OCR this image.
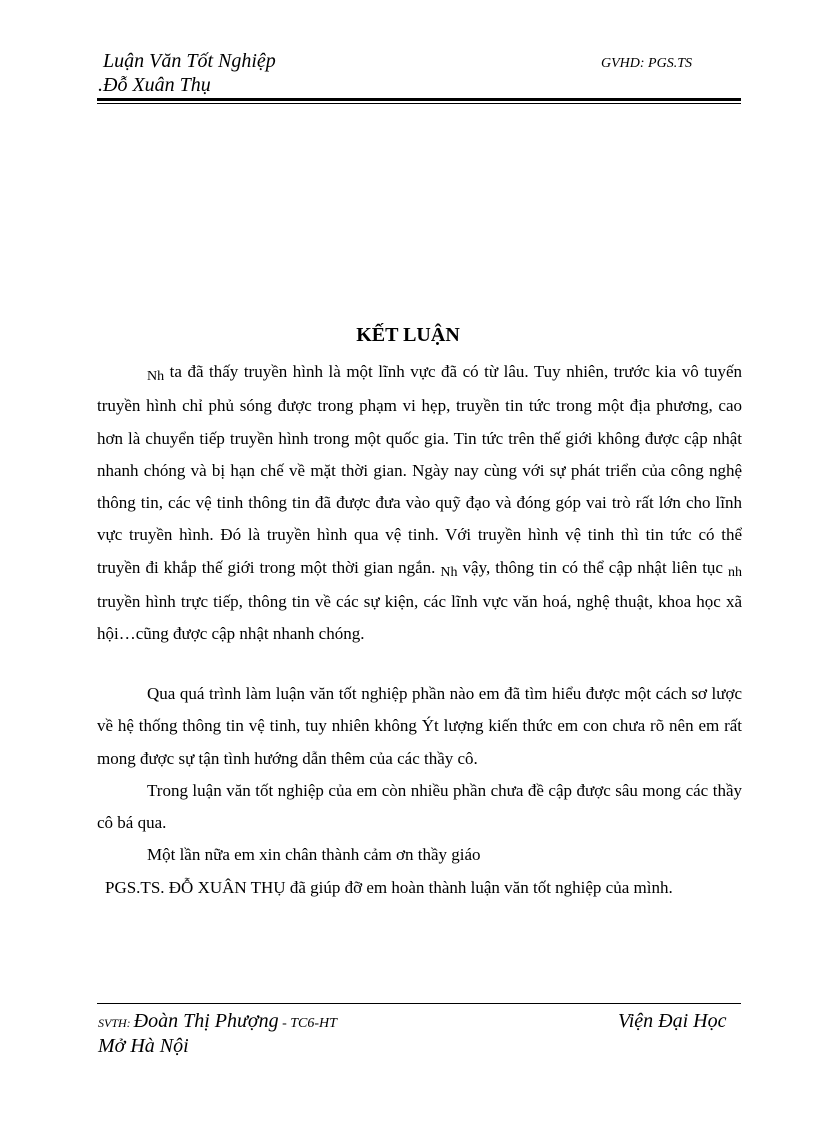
Luận Văn Tốt Nghiệp
.Đỗ Xuân Thụ
GVHD: PGS.TS
KẾT LUẬN

Nh ta đã thấy truyền hình là một lĩnh vực đã có từ lâu. Tuy nhiên, trước kia vô tuyến truyền hình chỉ phủ sóng được trong phạm vi hẹp, truyền tin tức trong một địa phương, cao hơn là chuyển tiếp truyền hình trong một quốc gia. Tin tức trên thế giới không được cập nhật nhanh chóng và bị hạn chế về mặt thời gian. Ngày nay cùng với sự phát triển của công nghệ thông tin, các vệ tinh thông tin đã được đưa vào quỹ đạo và đóng góp vai trò rất lớn cho lĩnh vực truyền hình. Đó là truyền hình qua vệ tinh. Với truyền hình vệ tinh thì tin tức có thể truyền đi khắp thế giới trong một thời gian ngắn. Nh vậy, thông tin có thể cập nhật liên tục nh truyền hình trực tiếp, thông tin về các sự kiện, các lĩnh vực văn hoá, nghệ thuật, khoa học xã hội…cũng được cập nhật nhanh chóng.

Qua quá trình làm luận văn tốt nghiệp phần nào em đã tìm hiểu được một cách sơ lược về hệ thống thông tin vệ tinh, tuy nhiên không Ýt lượng kiến thức em con chưa rõ nên em rất mong được sự tận tình hướng dẫn thêm của các thầy cô.

Trong luận văn tốt nghiệp của em còn nhiều phần chưa đề cập được sâu mong các thầy cô bá qua.

Một lần nữa em xin chân thành cảm ơn thầy giáo

PGS.TS. ĐỖ XUÂN THỤ đã giúp đỡ em hoàn thành luận văn tốt nghiệp của mình.

SVTH: Đoàn Thị Phượng - TC6-HT	Viện Đại Học
Mở Hà Nội
